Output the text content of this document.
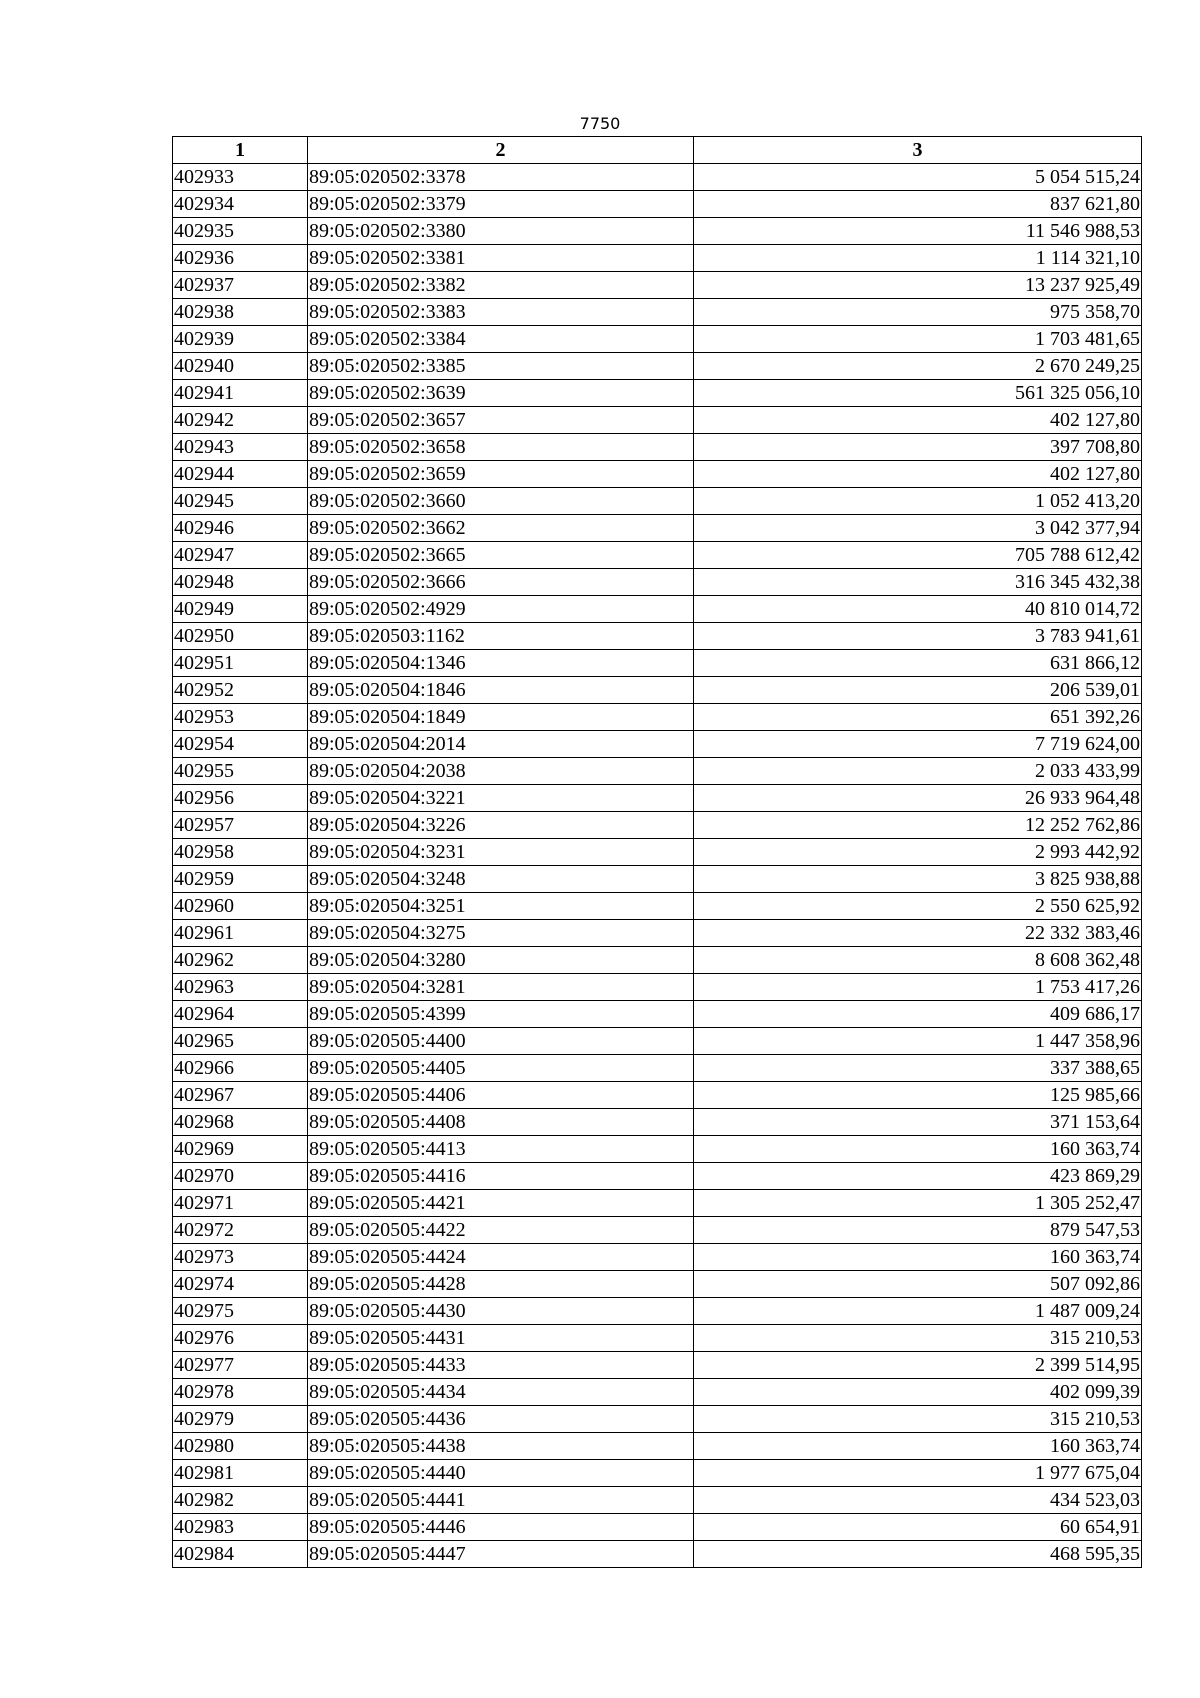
7750
1	2	3
402933	89:05:020502:3378	5 054 515,24
402934	89:05:020502:3379	837 621,80
402935	89:05:020502:3380	11 546 988,53
402936	89:05:020502:3381	1 114 321,10
402937	89:05:020502:3382	13 237 925,49
402938	89:05:020502:3383	975 358,70
402939	89:05:020502:3384	1 703 481,65
402940	89:05:020502:3385	2 670 249,25
402941	89:05:020502:3639	561 325 056,10
402942	89:05:020502:3657	402 127,80
402943	89:05:020502:3658	397 708,80
402944	89:05:020502:3659	402 127,80
402945	89:05:020502:3660	1 052 413,20
402946	89:05:020502:3662	3 042 377,94
402947	89:05:020502:3665	705 788 612,42
402948	89:05:020502:3666	316 345 432,38
402949	89:05:020502:4929	40 810 014,72
402950	89:05:020503:1162	3 783 941,61
402951	89:05:020504:1346	631 866,12
402952	89:05:020504:1846	206 539,01
402953	89:05:020504:1849	651 392,26
402954	89:05:020504:2014	7 719 624,00
402955	89:05:020504:2038	2 033 433,99
402956	89:05:020504:3221	26 933 964,48
402957	89:05:020504:3226	12 252 762,86
402958	89:05:020504:3231	2 993 442,92
402959	89:05:020504:3248	3 825 938,88
402960	89:05:020504:3251	2 550 625,92
402961	89:05:020504:3275	22 332 383,46
402962	89:05:020504:3280	8 608 362,48
402963	89:05:020504:3281	1 753 417,26
402964	89:05:020505:4399	409 686,17
402965	89:05:020505:4400	1 447 358,96
402966	89:05:020505:4405	337 388,65
402967	89:05:020505:4406	125 985,66
402968	89:05:020505:4408	371 153,64
402969	89:05:020505:4413	160 363,74
402970	89:05:020505:4416	423 869,29
402971	89:05:020505:4421	1 305 252,47
402972	89:05:020505:4422	879 547,53
402973	89:05:020505:4424	160 363,74
402974	89:05:020505:4428	507 092,86
402975	89:05:020505:4430	1 487 009,24
402976	89:05:020505:4431	315 210,53
402977	89:05:020505:4433	2 399 514,95
402978	89:05:020505:4434	402 099,39
402979	89:05:020505:4436	315 210,53
402980	89:05:020505:4438	160 363,74
402981	89:05:020505:4440	1 977 675,04
402982	89:05:020505:4441	434 523,03
402983	89:05:020505:4446	60 654,91
402984	89:05:020505:4447	468 595,35
